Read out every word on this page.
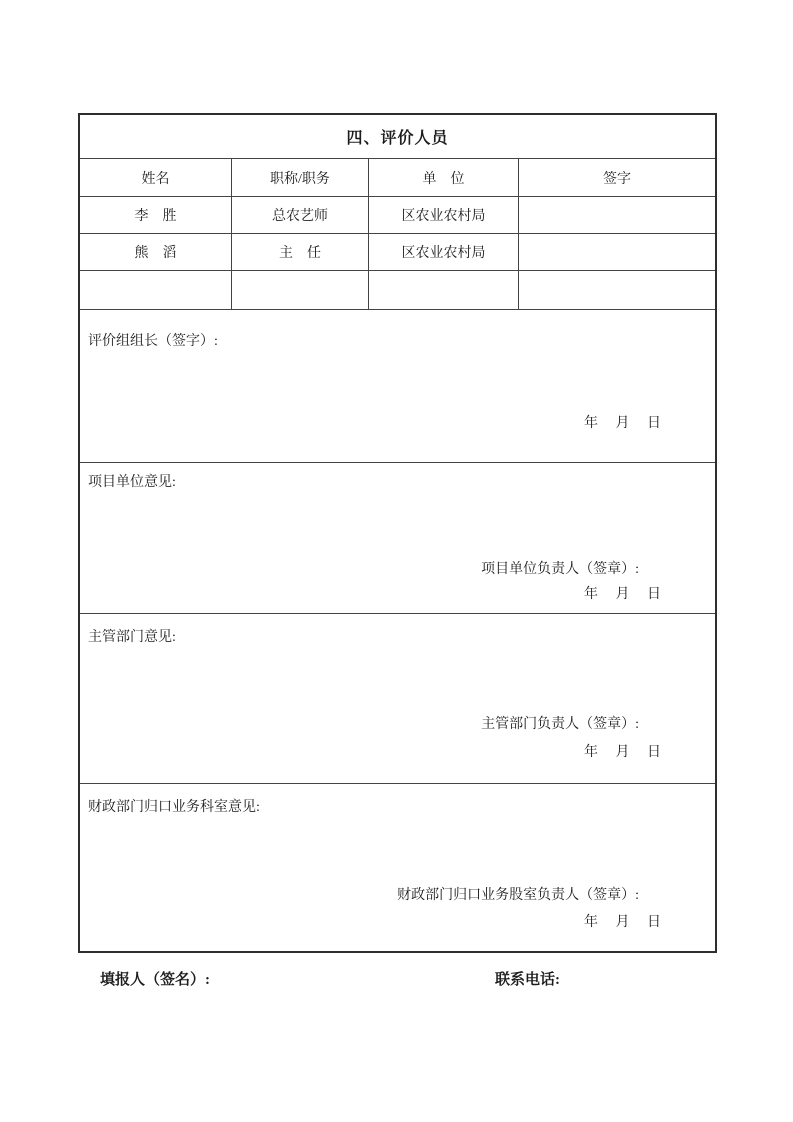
四、评价人员
姓名	职称/职务	单　位	签字
李　胜	总农艺师	区农业农村局
熊　滔	主　任	区农业农村局
评价组组长（签字）:
年　 月　 日
项目单位意见:
项目单位负责人（签章）:
年　 月　 日
主管部门意见:
主管部门负责人（签章）:
年　 月　 日
财政部门归口业务科室意见:
财政部门归口业务股室负责人（签章）:
年　 月　 日
填报人（签名）:	联系电话:
